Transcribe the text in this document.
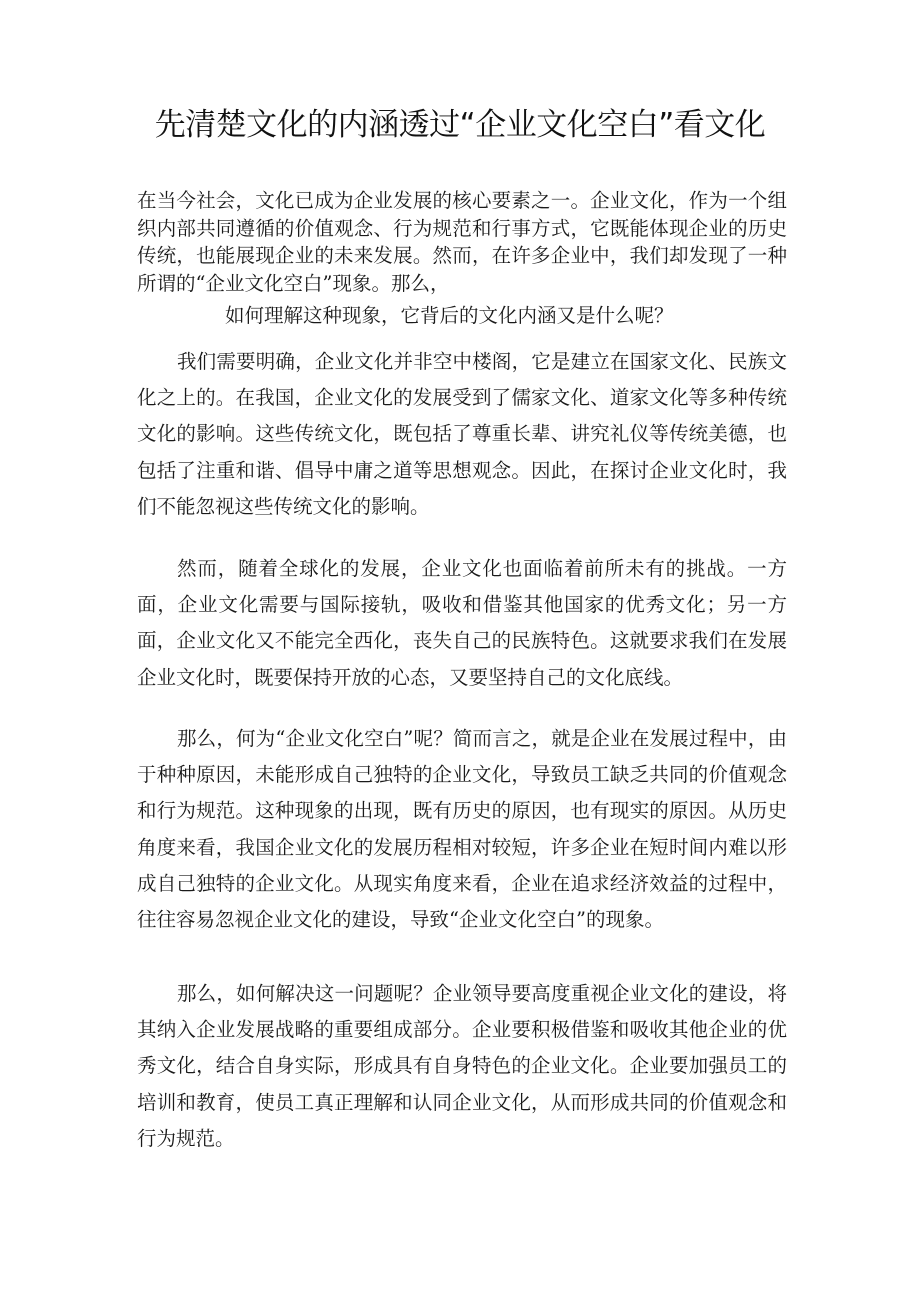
先清楚文化的内涵透过“企业文化空白”看文化

在当今社会，文化已成为企业发展的核心要素之一。企业文化，作为一个组织内部共同遵循的价值观念、行为规范和行事方式，它既能体现企业的历史传统，也能展现企业的未来发展。然而，在许多企业中，我们却发现了一种所谓的“企业文化空白”现象。那么，

如何理解这种现象，它背后的文化内涵又是什么呢？

我们需要明确，企业文化并非空中楼阁，它是建立在国家文化、民族文化之上的。在我国，企业文化的发展受到了儒家文化、道家文化等多种传统文化的影响。这些传统文化，既包括了尊重长辈、讲究礼仪等传统美德，也包括了注重和谐、倡导中庸之道等思想观念。因此，在探讨企业文化时，我们不能忽视这些传统文化的影响。

然而，随着全球化的发展，企业文化也面临着前所未有的挑战。一方面，企业文化需要与国际接轨，吸收和借鉴其他国家的优秀文化；另一方面，企业文化又不能完全西化，丧失自己的民族特色。这就要求我们在发展企业文化时，既要保持开放的心态，又要坚持自己的文化底线。

那么，何为“企业文化空白”呢？简而言之，就是企业在发展过程中，由于种种原因，未能形成自己独特的企业文化，导致员工缺乏共同的价值观念和行为规范。这种现象的出现，既有历史的原因，也有现实的原因。从历史角度来看，我国企业文化的发展历程相对较短，许多企业在短时间内难以形成自己独特的企业文化。从现实角度来看，企业在追求经济效益的过程中，往往容易忽视企业文化的建设，导致“企业文化空白”的现象。

那么，如何解决这一问题呢？企业领导要高度重视企业文化的建设，将其纳入企业发展战略的重要组成部分。企业要积极借鉴和吸收其他企业的优秀文化，结合自身实际，形成具有自身特色的企业文化。企业要加强员工的培训和教育，使员工真正理解和认同企业文化，从而形成共同的价值观念和行为规范。
